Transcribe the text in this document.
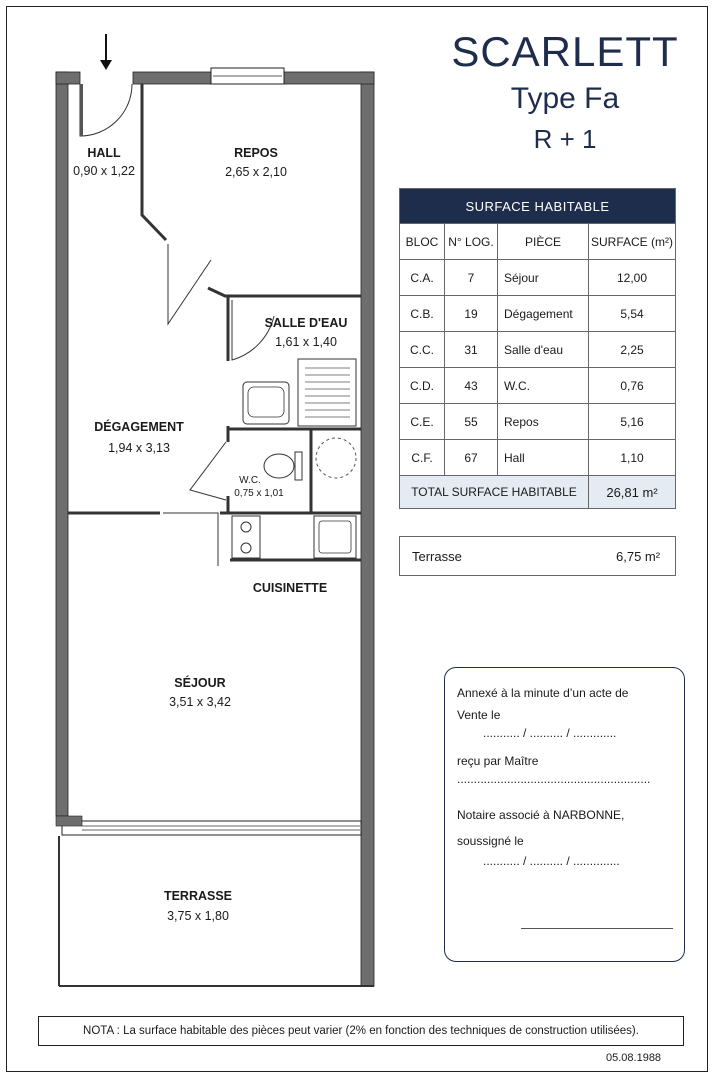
HALL
0,90 x 1,22
REPOS
2,65 x 2,10
SALLE D'EAU
1,61 x 1,40
DÉGAGEMENT
1,94 x 3,13
W.C.
0,75 x 1,01
CUISINETTE
SÉJOUR
3,51 x 3,42
TERRASSE
3,75 x 1,80
SCARLETT
Type Fa
R + 1
SURFACE HABITABLE			
BLOC	N° LOG.	PIÈCE	SURFACE (m²)
C.A.	7	Séjour	12,00
C.B.	19	Dégagement	5,54
C.C.	31	Salle d'eau	2,25
C.D.	43	W.C.	0,76
C.E.	55	Repos	5,16
C.F.	67	Hall	1,10
TOTAL SURFACE HABITABLE			26,81 m²
Terrasse	6,75 m²
Annexé à la minute d’un acte de
Vente le
........... / .......... / .............
reçu par Maître
..........................................................
Notaire associé à NARBONNE,
soussigné le
........... / .......... / ..............
NOTA : La surface habitable des pièces peut varier (2% en fonction des techniques de construction utilisées).
05.08.1988
